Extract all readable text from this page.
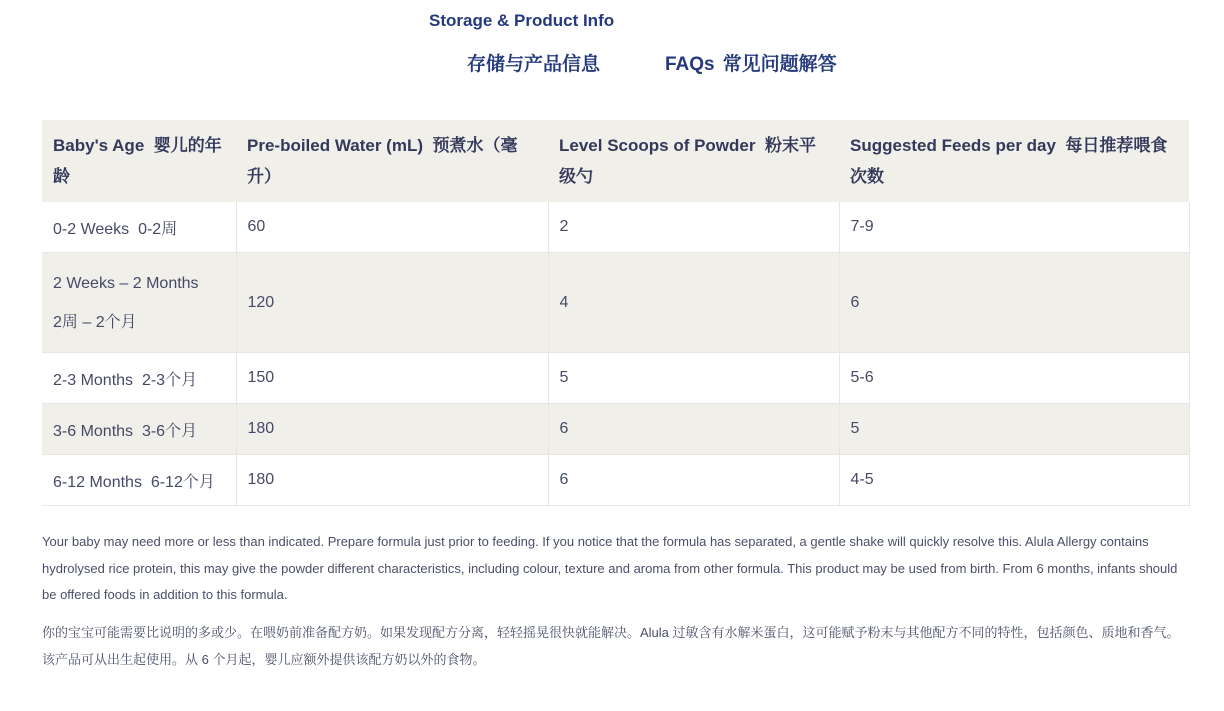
Storage & Product Info
存储与产品信息	FAQs 常见问题解答
Baby's Age 婴儿的年龄	Pre-boiled Water (mL) 预煮水（毫升）	Level Scoops of Powder 粉末平级勺	Suggested Feeds per day 每日推荐喂食次数
0-2 Weeks 0-2周	60	2	7-9

2 Weeks – 2 Months
2周 – 2个月	120	4	6
2-3 Months 2-3个月	150	5	5-6
3-6 Months 3-6个月	180	6	5
6-12 Months 6-12个月	180	6	4-5

Your baby may need more or less than indicated. Prepare formula just prior to feeding. If you notice that the formula has separated, a gentle shake will quickly resolve this. Alula Allergy contains hydrolysed rice protein, this may give the powder different characteristics, including colour, texture and aroma from other formula. This product may be used from birth. From 6 months, infants should be offered foods in addition to this formula.

你的宝宝可能需要比说明的多或少。在喂奶前准备配方奶。如果发现配方分离，轻轻摇晃很快就能解决。Alula 过敏含有水解米蛋白，这可能赋予粉末与其他配方不同的特性，包括颜色、质地和香气。该产品可从出生起使用。从 6 个月起，婴儿应额外提供该配方奶以外的食物。
